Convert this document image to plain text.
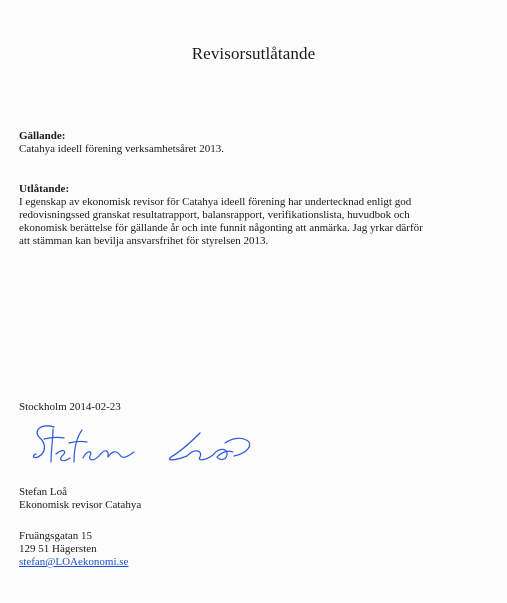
Revisorsutlåtande
Gällande:
Catahya ideell förening verksamhetsåret 2013.
Utlåtande:
I egenskap av ekonomisk revisor för Catahya ideell förening har undertecknad enligt god
redovisningssed granskat resultatrapport, balansrapport, verifikationslista, huvudbok och
ekonomisk berättelse för gällande år och inte funnit någonting att anmärka. Jag yrkar därför
att stämman kan bevilja ansvarsfrihet för styrelsen 2013.
Stockholm 2014-02-23
Stefan Loå
Ekonomisk revisor Catahya
Fruängsgatan 15
129 51 Hägersten
stefan@LOAekonomi.se
